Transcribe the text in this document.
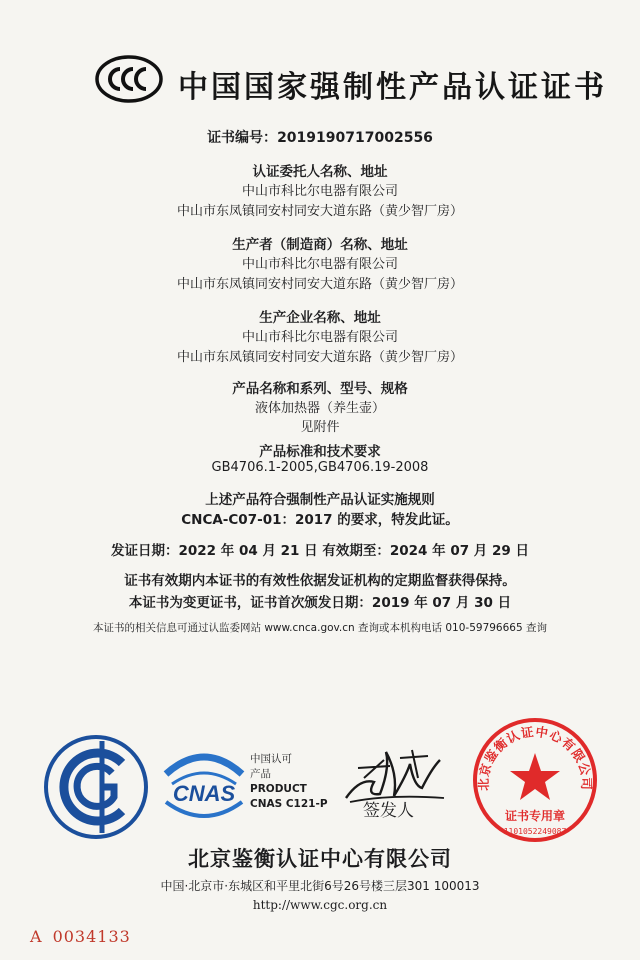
中国国家强制性产品认证证书
证书编号：2019190717002556
认证委托人名称、地址
中山市科比尔电器有限公司
中山市东凤镇同安村同安大道东路（黄少智厂房）
生产者（制造商）名称、地址
中山市科比尔电器有限公司
中山市东凤镇同安村同安大道东路（黄少智厂房）
生产企业名称、地址
中山市科比尔电器有限公司
中山市东凤镇同安村同安大道东路（黄少智厂房）
产品名称和系列、型号、规格
液体加热器（养生壶）
见附件
产品标准和技术要求
GB4706.1-2005,GB4706.19-2008
上述产品符合强制性产品认证实施规则
CNCA-C07-01：2017 的要求，特发此证。
发证日期：2022 年 04 月 21 日 有效期至：2024 年 07 月 29 日
证书有效期内本证书的有效性依据发证机构的定期监督获得保持。
本证书为变更证书，证书首次颁发日期：2019 年 07 月 30 日
本证书的相关信息可通过认监委网站 www.cnca.gov.cn 查询或本机构电话 010-59796665 查询
CNAS
中国认可
产品
PRODUCT
CNAS C121-P 签发人
北京鉴衡认证中心有限公司
证书专用章
1101052249087
北京鉴衡认证中心有限公司
中国·北京市·东城区和平里北街6号26号楼三层301 100013
http://www.cgc.org.cn
A 0034133
